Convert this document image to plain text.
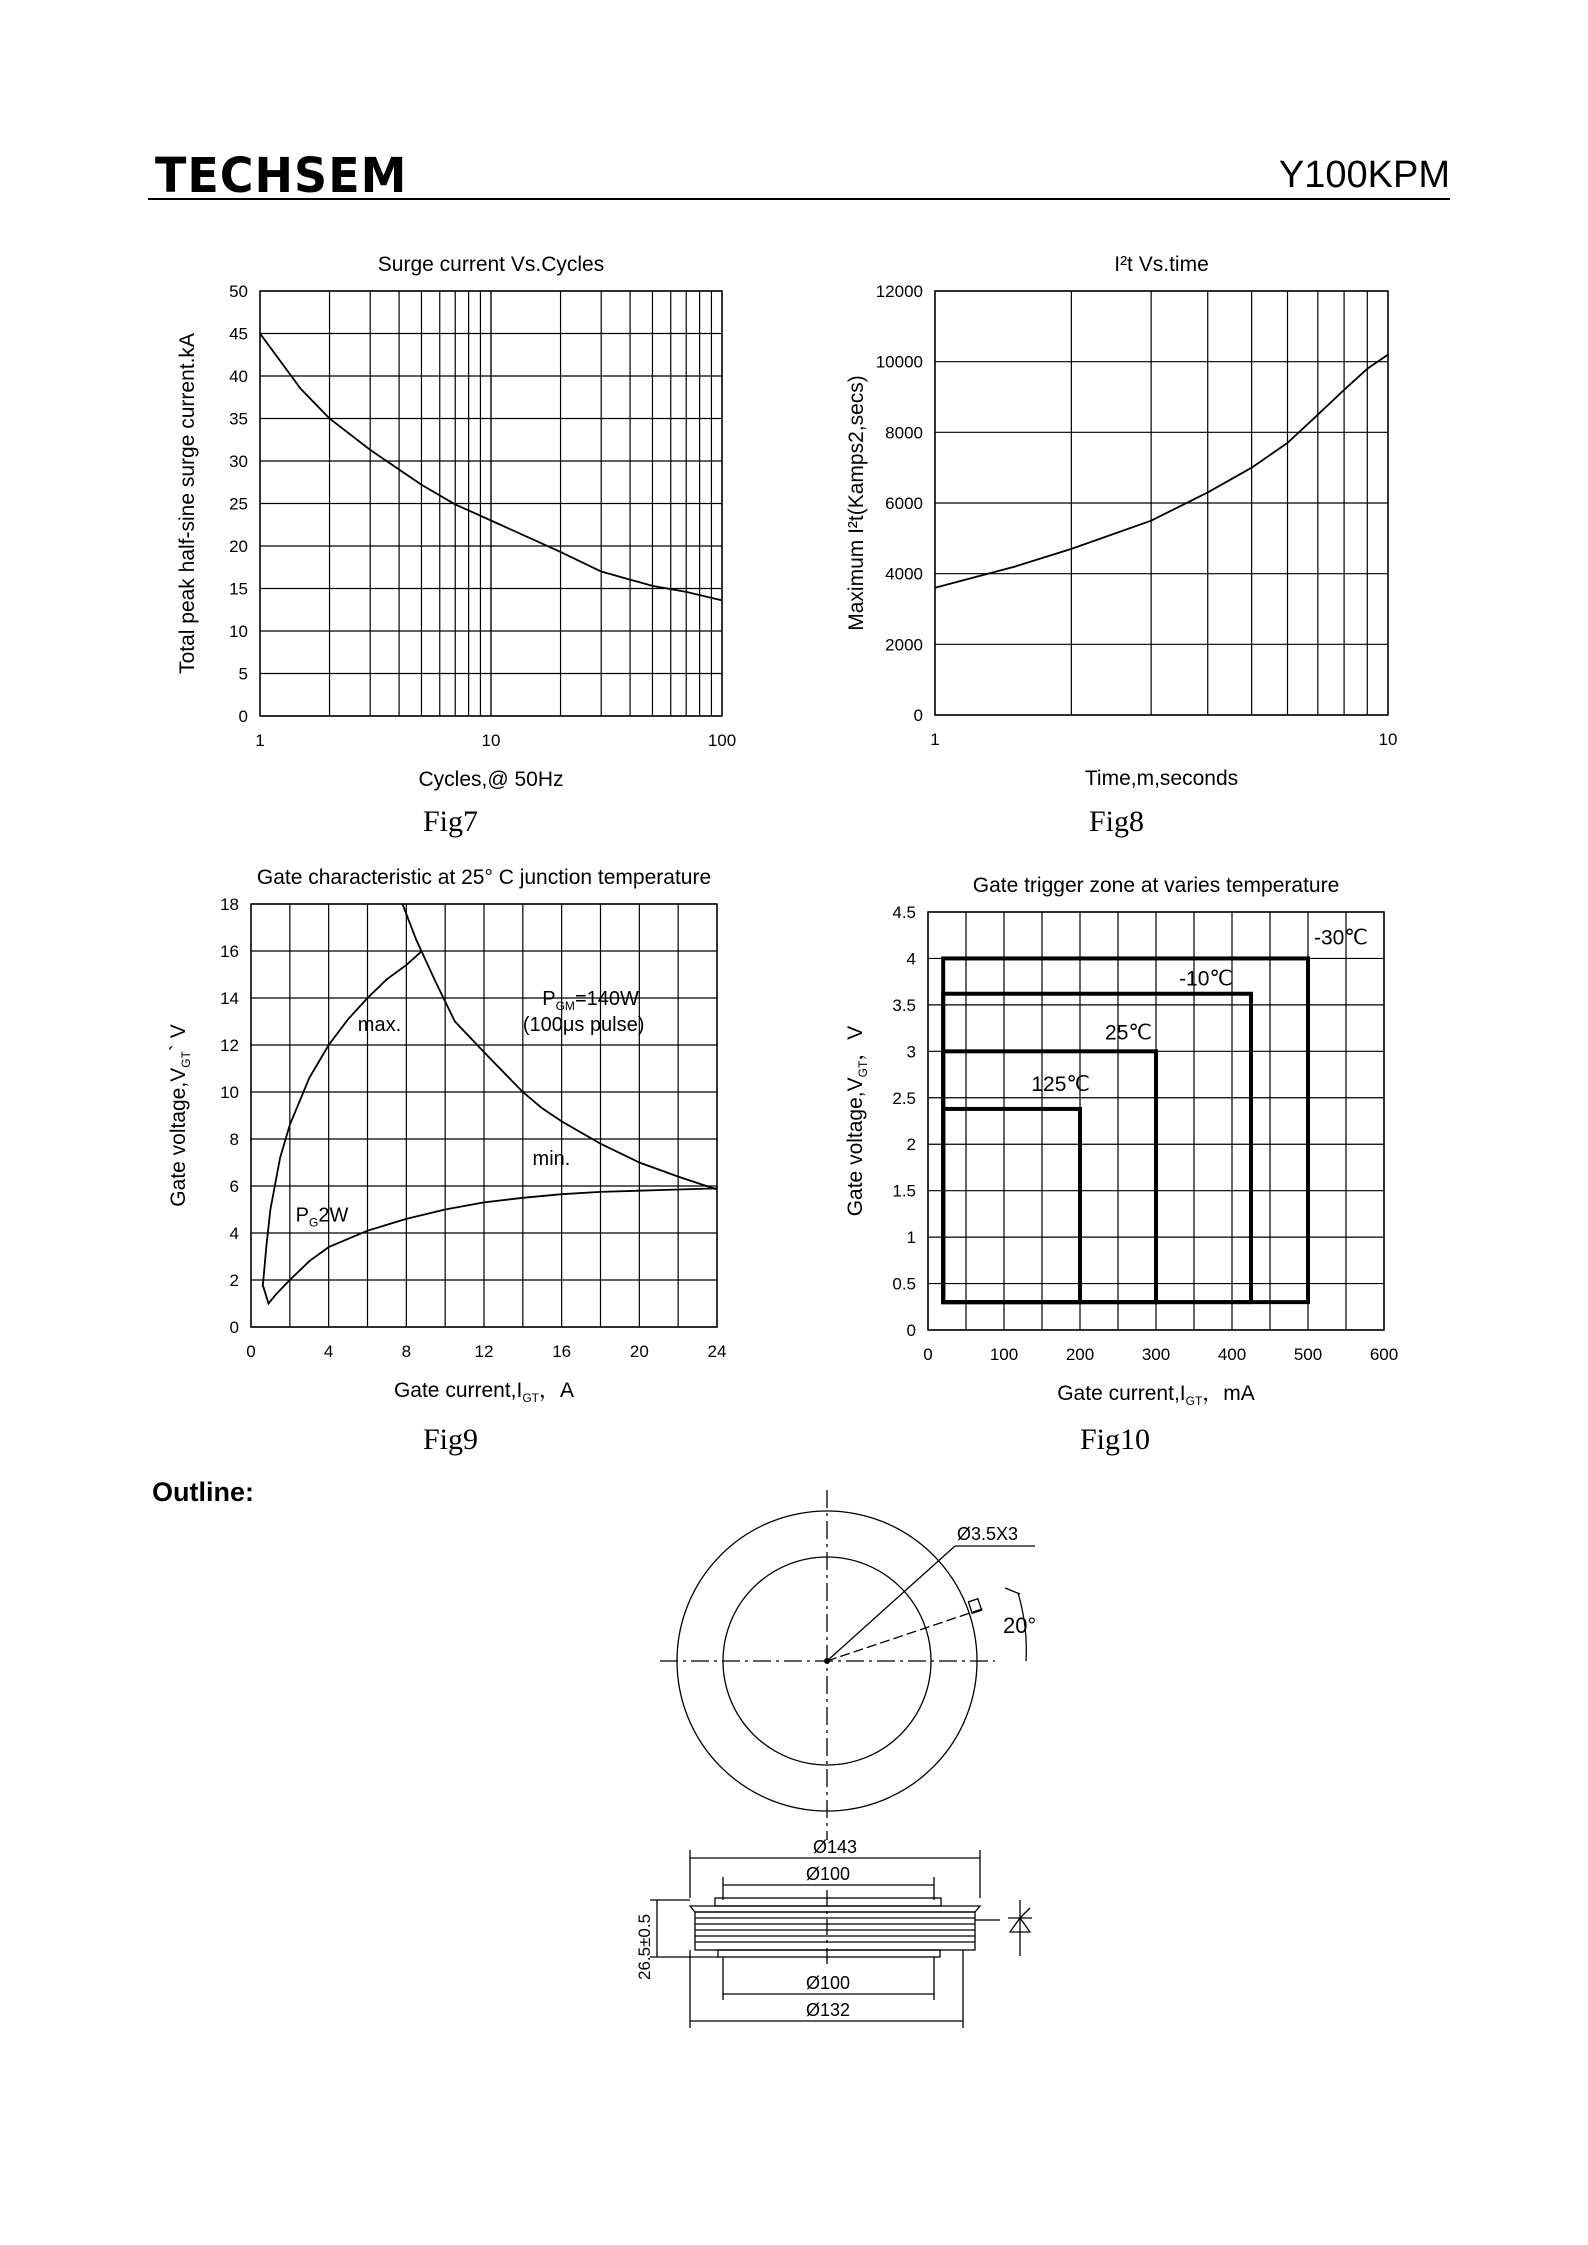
TECHSEM	Y100KPM
0
5
10
15
20
25
30
35
40
45
50
1	10	100
Surge current Vs.Cycles
Cycles,@ 50Hz
Total peak half-sine surge current.kA
Fig7
0
2000
4000
6000
8000
10000
12000
1	10
I²t Vs.time
Time,m,seconds
Maximum I²t(Kamps2,secs)
Fig8
0
2
4
6
8
10
12
14
16
18
0	4	8	12	16	20	24
Gate characteristic at 25° C junction temperature
Gate $current,I_{GT}$，A
Gate $voltage,V_{GT}`$ V	max.
min.
$P_{GM}=140W$
(100μs pulse)
$P_G2W$
Fig9
0
0.5
1
1.5
2
2.5
3
3.5
4
4.5
0	100	200	300	400	500	600
Gate trigger zone at varies temperature
Gate $current,I_{GT}$，mA
Gate $voltage,V_{GT}$，V
-30℃
-10℃
25℃
125℃
Fig10
Outline:
Ø3.5X3
20°
Ø143
Ø100
Ø100
Ø132
26.5±0.5
